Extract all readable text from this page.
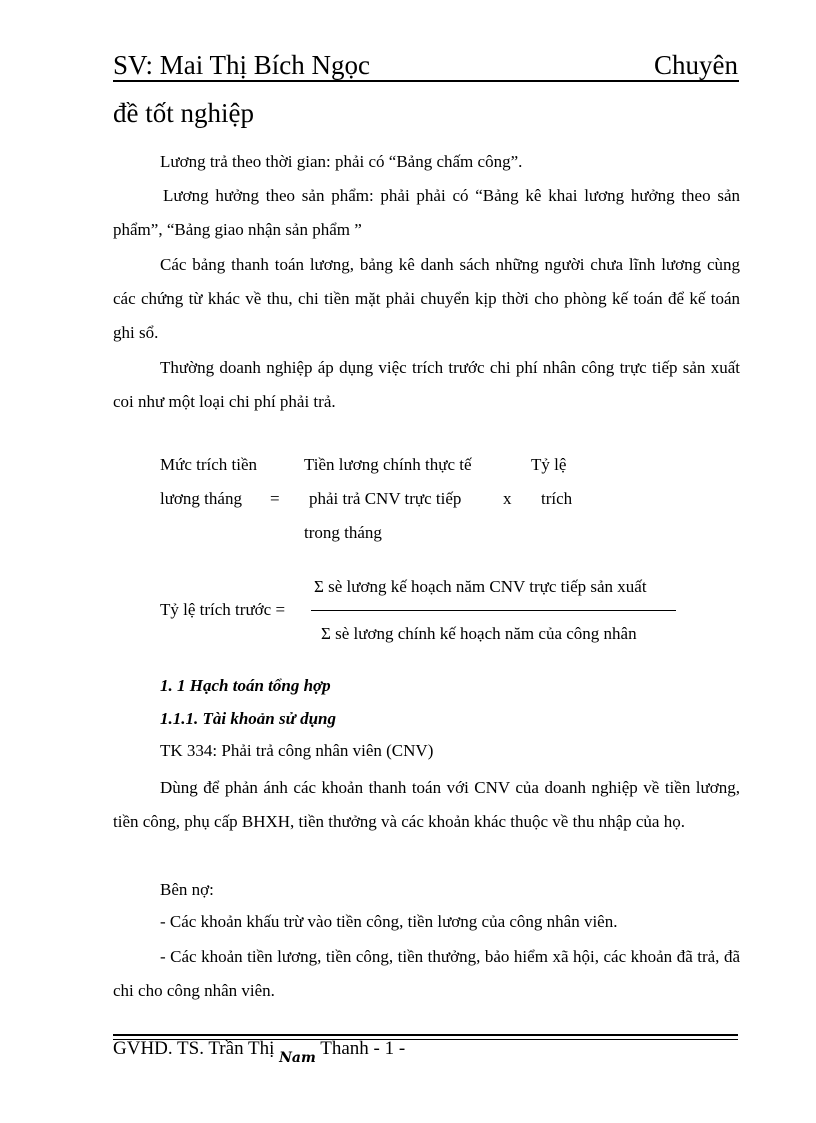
SV: Mai Thị Bích Ngọc	Chuyên
đề tốt nghiệp
Lương trả theo thời gian: phải có “Bảng chấm công”.
Lương hưởng theo sản phẩm: phải phải có “Bảng kê khai lương hưởng theo sản phẩm”, “Bảng giao nhận sản phẩm ”
Các bảng thanh toán lương, bảng kê danh sách những người chưa lĩnh lương cùng các chứng từ khác về thu, chi tiền mặt phải chuyển kịp thời cho phòng kế toán để kế toán ghi sổ.
Thường doanh nghiệp áp dụng việc trích trước chi phí nhân công trực tiếp sản xuất coi như một loại chi phí phải trả.
Mức trích tiền
lương tháng =
Tiền lương chính thực tế
phải trả CNV trực tiếp
trong tháng
x
Tỷ lệ
trích
Σ sè lương kế hoạch năm CNV trực tiếp sản xuất
Tỷ lệ trích trước =
Σ sè lương chính kế hoạch năm của công nhân
1. 1 Hạch toán tổng hợp
1.1.1. Tài khoản sử dụng
TK 334: Phải trả công nhân viên (CNV)
Dùng để phản ánh các khoản thanh toán với CNV của doanh nghiệp về tiền lương, tiền công, phụ cấp BHXH, tiền thưởng và các khoản khác thuộc về thu nhập của họ.
Bên nợ:
- Các khoản khấu trừ vào tiền công, tiền lương của công nhân viên.
- Các khoản tiền lương, tiền công, tiền thưởng, bảo hiểm xã hội, các khoản đã trả, đã chi cho công nhân viên.
GVHD. TS. Trần Thị $_{Nam}$ Thanh - 1 -
